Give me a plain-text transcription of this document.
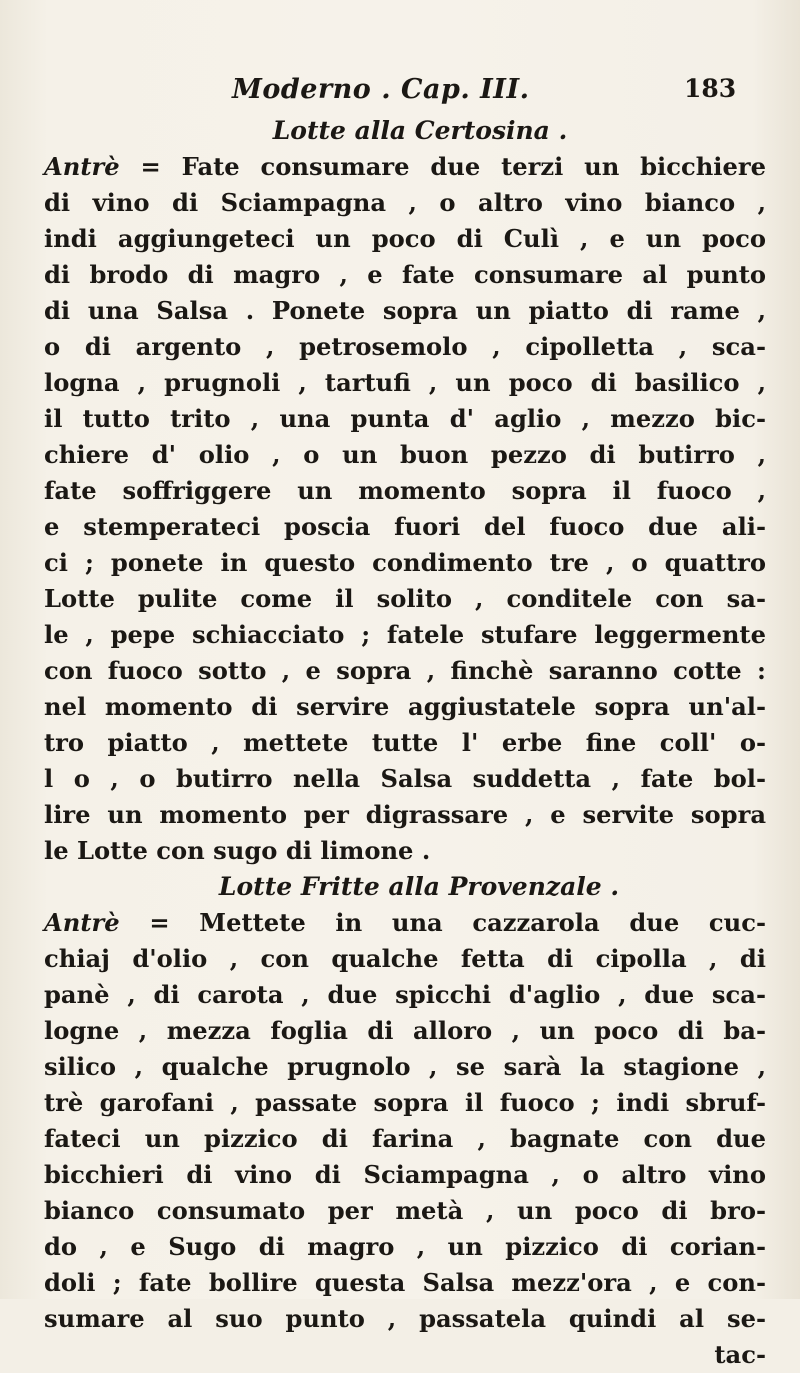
Moderno . Cap. III.	183
Lotte alla Certosina .
Antrè = Fate consumare due terzi un bicchiere
di vino di Sciampagna , o altro vino bianco ,
indi aggiungeteci un poco di Culì , e un poco
di brodo di magro , e fate consumare al punto
di una Salsa . Ponete sopra un piatto di rame ,
o di argento , petrosemolo , cipolletta , sca-
logna , prugnoli , tartufi , un poco di basilico ,
il tutto trito , una punta d' aglio , mezzo bic-
chiere d' olio , o un buon pezzo di butirro ,
fate soffriggere un momento sopra il fuoco ,
e stemperateci poscia fuori del fuoco due ali-
ci ; ponete in questo condimento tre , o quattro
Lotte pulite come il solito , conditele con sa-
le , pepe schiacciato ; fatele stufare leggermente
con fuoco sotto , e sopra , finchè saranno cotte :
nel momento di servire aggiustatele sopra un'al-
tro piatto , mettete tutte l' erbe fine coll' o-
l o , o butirro nella Salsa suddetta , fate bol-
lire un momento per digrassare , e servite sopra
le Lotte con sugo di limone .
Lotte Fritte alla Provenzale .
Antrè = Mettete in una cazzarola due cuc-
chiaj d'olio , con qualche fetta di cipolla , di
panè , di carota , due spicchi d'aglio , due sca-
logne , mezza foglia di alloro , un poco di ba-
silico , qualche prugnolo , se sarà la stagione ,
trè garofani , passate sopra il fuoco ; indi sbruf-
fateci un pizzico di farina , bagnate con due
bicchieri di vino di Sciampagna , o altro vino
bianco consumato per metà , un poco di bro-
do , e Sugo di magro , un pizzico di corian-
doli ; fate bollire questa Salsa mezz'ora , e con-
sumare al suo punto , passatela quindi al se-
tac-
